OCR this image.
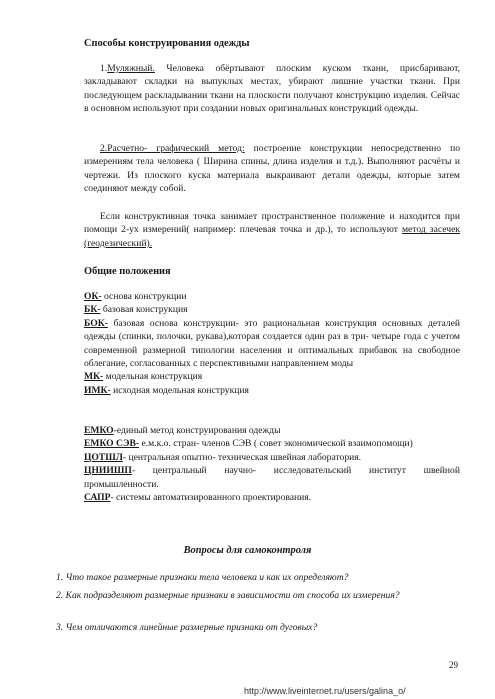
Способы конструирования одежды
1.Муляжный. Человека обёртывают плоским куском ткани, присбаривают, закладывают складки на выпуклых местах, убирают лишние участки ткани. При последующем раскладывании ткани на плоскости получают конструкцию изделия. Сейчас в основном используют при создании новых оригинальных конструкций одежды.
2.Расчетно- графический метод: построение конструкции непосредственно по измерениям тела человека ( Ширина спины, длина изделия и т.д.). Выполняют расчёты и чертежи. Из плоского куска материала выкраивают детали одежды, которые затем соединяют между собой.
Если конструктивная точка занимает пространственное положение и находится при помощи 2-ух измерений( например: плечевая точка и др.), то используют метод засечек (геодезический).
Общие положения
ОК- основа конструкции
БК- базовая конструкция
БОК- базовая основа конструкции- это рациональная конструкция основных деталей одежды (спинки, полочки, рукава),которая создается один раз в три- четыре года с учетом современной размерной типологии населения и оптимальных прибавок на свободное облегание, согласованных с перспективными направлением моды
МК- модельная конструкция
ИМК- исходная модельная конструкция
ЕМКО-единый метод конструирования одежды
ЕМКО СЭВ- е.м.к.о. стран- членов СЭВ ( совет экономической взаимопомощи)
ЦОТШЛ- центральная опытно- техническая швейная лаборатория.
ЦНИИШП- центральный научно- исследовательский институт швейной промышленности.
САПР- системы автоматизированного проектирования.
Вопросы для самоконтроля
1. Что такое размерные признаки тела человека и как их определяют?
2. Как подразделяют размерные признаки в зависимости от способа их измерения?
3. Чем отличаются линейные размерные признаки от дуговых?
29
http://www.liveinternet.ru/users/galina_o/
